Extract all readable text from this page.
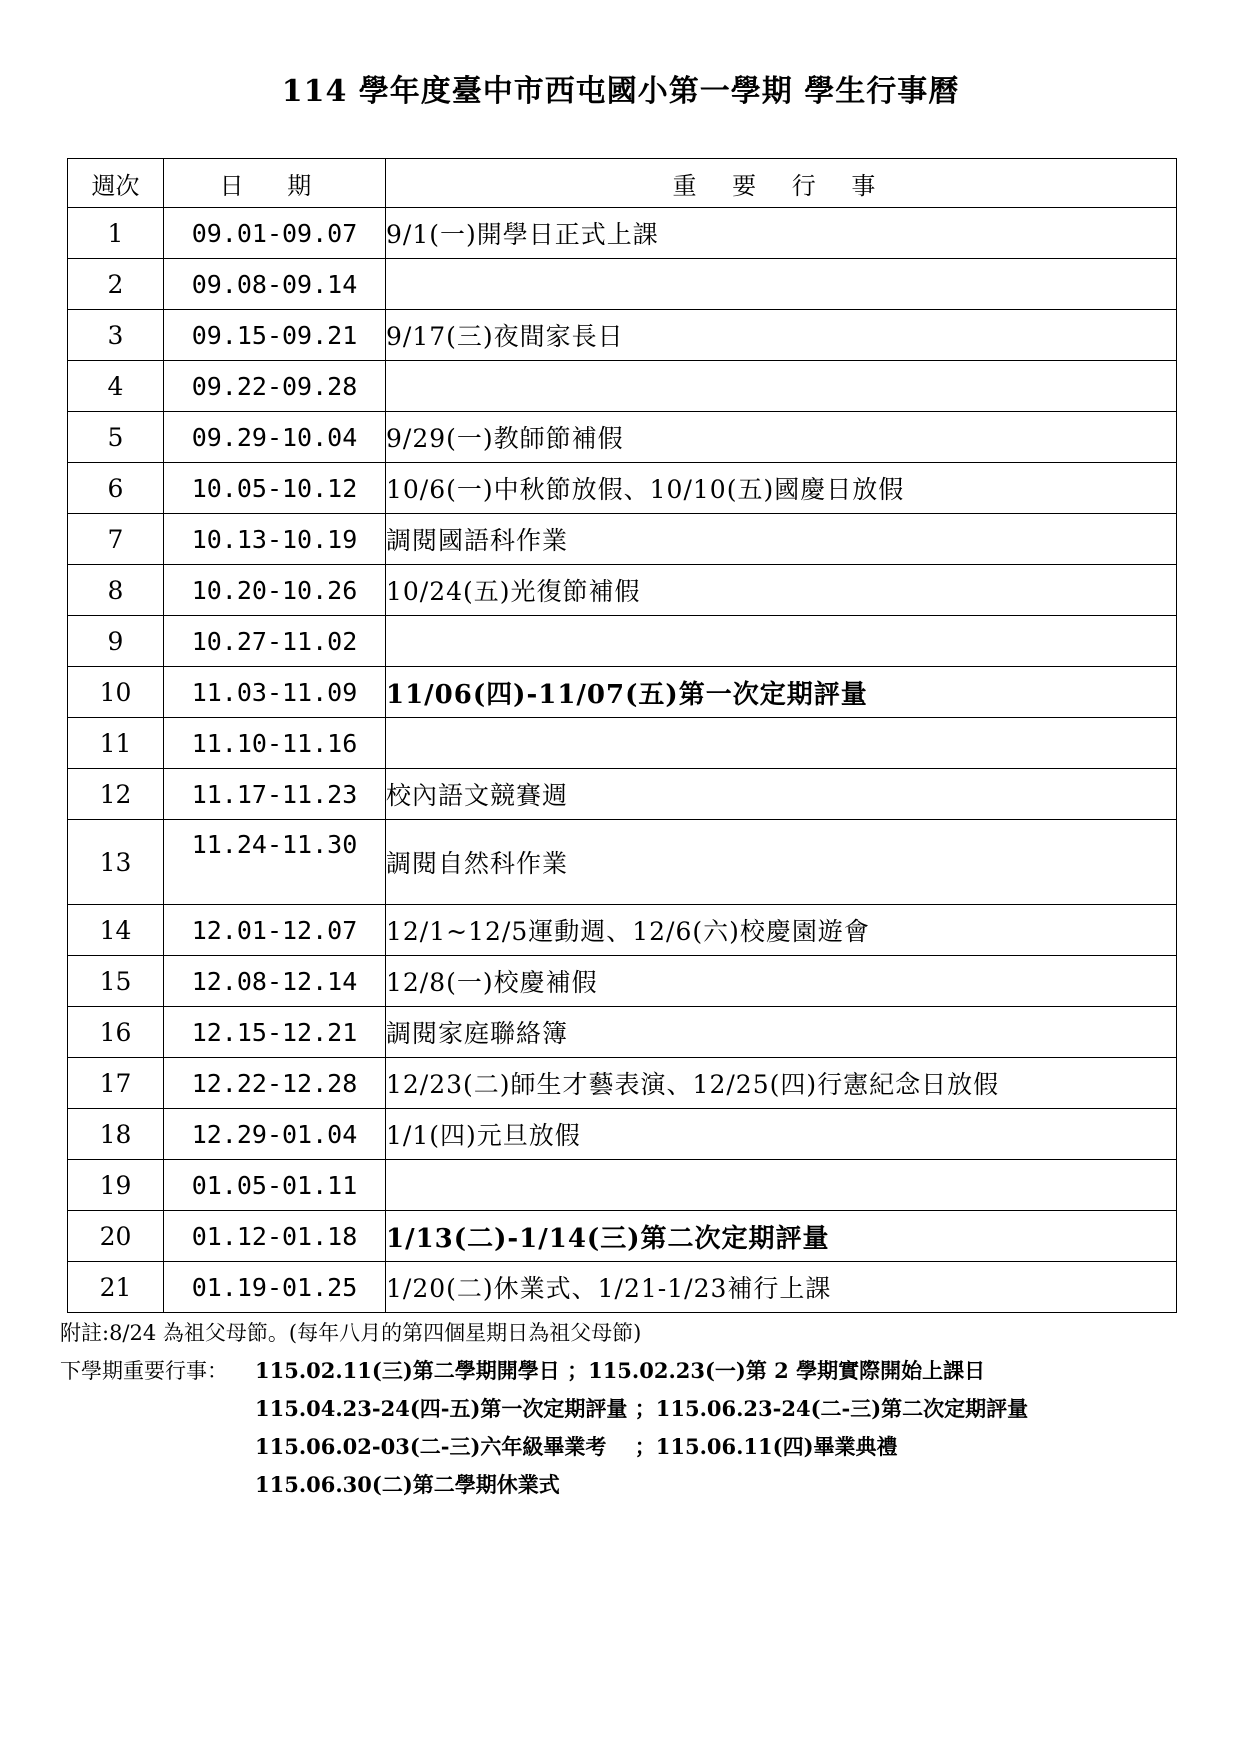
114 學年度臺中市西屯國小第一學期 學生行事曆
週次	日 期	重 要 行 事
1	09.01-09.07	9/1(一)開學日正式上課
2	09.08-09.14	
3	09.15-09.21	9/17(三)夜間家長日
4	09.22-09.28	
5	09.29-10.04	9/29(一)教師節補假
6	10.05-10.12	10/6(一)中秋節放假、10/10(五)國慶日放假
7	10.13-10.19	調閱國語科作業
8	10.20-10.26	10/24(五)光復節補假
9	10.27-11.02	
10	11.03-11.09	11/06(四)-11/07(五)第一次定期評量
11	11.10-11.16	
12	11.17-11.23	校內語文競賽週
13	11.24-11.30	調閱自然科作業
14	12.01-12.07	12/1~12/5運動週、12/6(六)校慶園遊會
15	12.08-12.14	12/8(一)校慶補假
16	12.15-12.21	調閱家庭聯絡簿
17	12.22-12.28	12/23(二)師生才藝表演、12/25(四)行憲紀念日放假
18	12.29-01.04	1/1(四)元旦放假
19	01.05-01.11	
20	01.12-01.18	1/13(二)-1/14(三)第二次定期評量
21	01.19-01.25	1/20(二)休業式、1/21-1/23補行上課
附註:8/24 為祖父母節。(每年八月的第四個星期日為祖父母節)
下學期重要行事：	115.02.11(三)第二學期開學日 ；115.02.23(一)第 2 學期實際開始上課日
115.04.23-24(四-五)第一次定期評量 ；115.06.23-24(二-三)第二次定期評量
115.06.02-03(二-三)六年級畢業考　 ；115.06.11(四)畢業典禮
115.06.30(二)第二學期休業式
